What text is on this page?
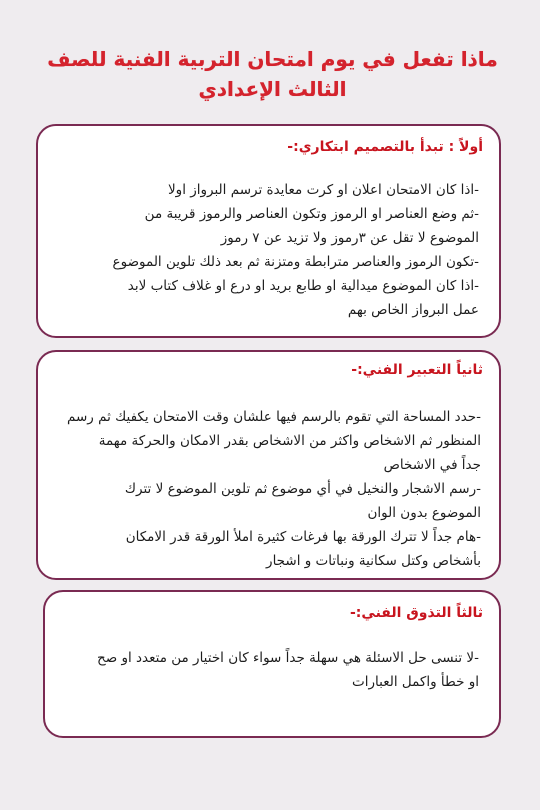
ماذا تفعل في يوم امتحان التربية الفنية للصف

الثالث الإعدادي

أولاً : تبدأ بالتصميم ابتكاري:-

-اذا كان الامتحان اعلان او كرت معايدة ترسم البرواز اولا
-ثم وضع العناصر او الرموز وتكون العناصر والرموز قريبة من
الموضوع لا تقل عن ٣رموز ولا تزيد عن ٧ رموز
-تكون الرموز والعناصر مترابطة ومتزنة ثم بعد ذلك تلوين الموضوع
-اذا كان الموضوع ميدالية او طابع بريد او درع او غلاف كتاب لابد
عمل البرواز الخاص بهم

ثانياً التعبير الفني:-

-حدد المساحة التي تقوم بالرسم فيها علشان وقت الامتحان يكفيك ثم رسم
المنظور ثم الاشخاص واكثر من الاشخاص بقدر الامكان والحركة مهمة
جداً في الاشخاص
-رسم الاشجار والنخيل في أي موضوع ثم تلوين الموضوع لا تترك
الموضوع بدون الوان
-هام جداً لا تترك الورقة بها فرغات كثيرة املأ الورقة قدر الامكان
بأشخاص وكتل سكانية ونباتات و اشجار

ثالثاً التذوق الفني:-

-لا تنسى حل الاسئلة هي سهلة جداً سواء كان اختيار من متعدد او صح
او خطأ واكمل العبارات
